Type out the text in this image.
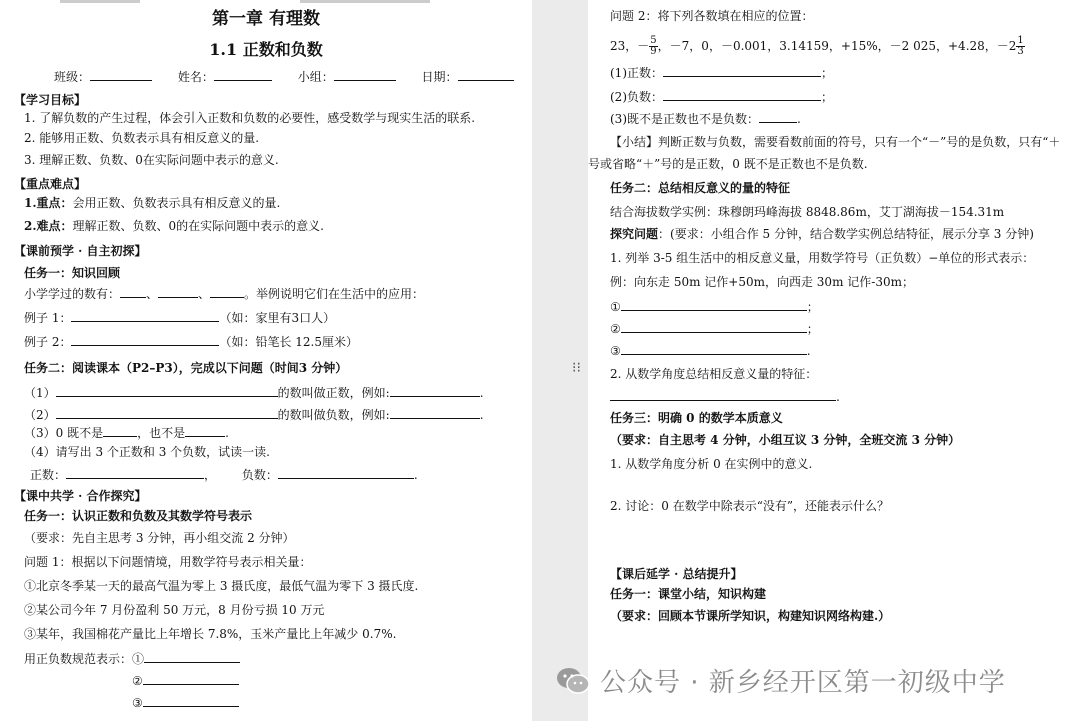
第一章 有理数
1.1 正数和负数
班级：	姓名：	小组：	日期：
【学习目标】
1. 了解负数的产生过程，体会引入正数和负数的必要性，感受数学与现实生活的联系.
2. 能够用正数、负数表示具有相反意义的量.
3. 理解正数、负数、0在实际问题中表示的意义.
【重点难点】
1.重点：会用正数、负数表示具有相反意义的量.
2.难点：理解正数、负数、0的在实际问题中表示的意义.
【课前预学 · 自主初探】
任务一：知识回顾
小学学过的数有： 、	、	。举例说明它们在生活中的应用：
例子 1：	（如：家里有3口人）
例子 2：	（如：铅笔长 12.5厘米）
任务二：阅读课本（P2–P3），完成以下问题（时间3 分钟）
（1）	的数叫做正数，例如:	.
（2）	的数叫做负数，例如:	.
（3）0 既不是	，也不是	.
（4）请写出 3 个正数和 3 个负数，试读一读.
正数：	， 负数：	.
【课中共学 · 合作探究】
任务一：认识正数和负数及其数学符号表示
（要求：先自主思考 3 分钟，再小组交流 2 分钟）
问题 1：根据以下问题情境，用数学符号表示相关量：
①北京冬季某一天的最高气温为零上 3 摄氏度，最低气温为零下 3 摄氏度.
②某公司今年 7 月份盈利 50 万元，8 月份亏损 10 万元
③某年，我国棉花产量比上年增长 7.8%，玉米产量比上年减少 0.7%.
用正负数规范表示：①
②
③
⁝⁝
问题 2：将下列各数填在相应的位置：
23，－ $\frac{5}{9}$ ，－7，0，－0.001，3.14159，+15%，－2 025，+4.28，$-2 \frac{1}{3}$
(1)正数：	；
(2)负数：	；
(3)既不是正数也不是负数：	.
【小结】判断正数与负数，需要看数前面的符号，只有一个“－”号的是负数，只有“＋
号或省略“＋”号的是正数，0 既不是正数也不是负数.
任务二：总结相反意义的量的特征
结合海拔数学实例：珠穆朗玛峰海拔 8848.86m，艾丁湖海拔－154.31m
探究问题：(要求：小组合作 5 分钟，结合数学实例总结特征，展示分享 3 分钟)
1. 列举 3-5 组生活中的相反意义量，用数学符号（正负数）−单位的形式表示：
例：向东走 50m 记作+50m，向西走 30m 记作-30m；
①	；
②	；
③	.
2. 从数学角度总结相反意义量的特征：
.
任务三：明确 0 的数学本质意义
（要求：自主思考 4 分钟，小组互议 3 分钟，全班交流 3 分钟）
1. 从数学角度分析 0 在实例中的意义.
2. 讨论：0 在数学中除表示“没有”，还能表示什么？
【课后延学 · 总结提升】
任务一：课堂小结，知识构建
（要求：回顾本节课所学知识，构建知识网络构建.）
公众号 · 新乡经开区第一初级中学
